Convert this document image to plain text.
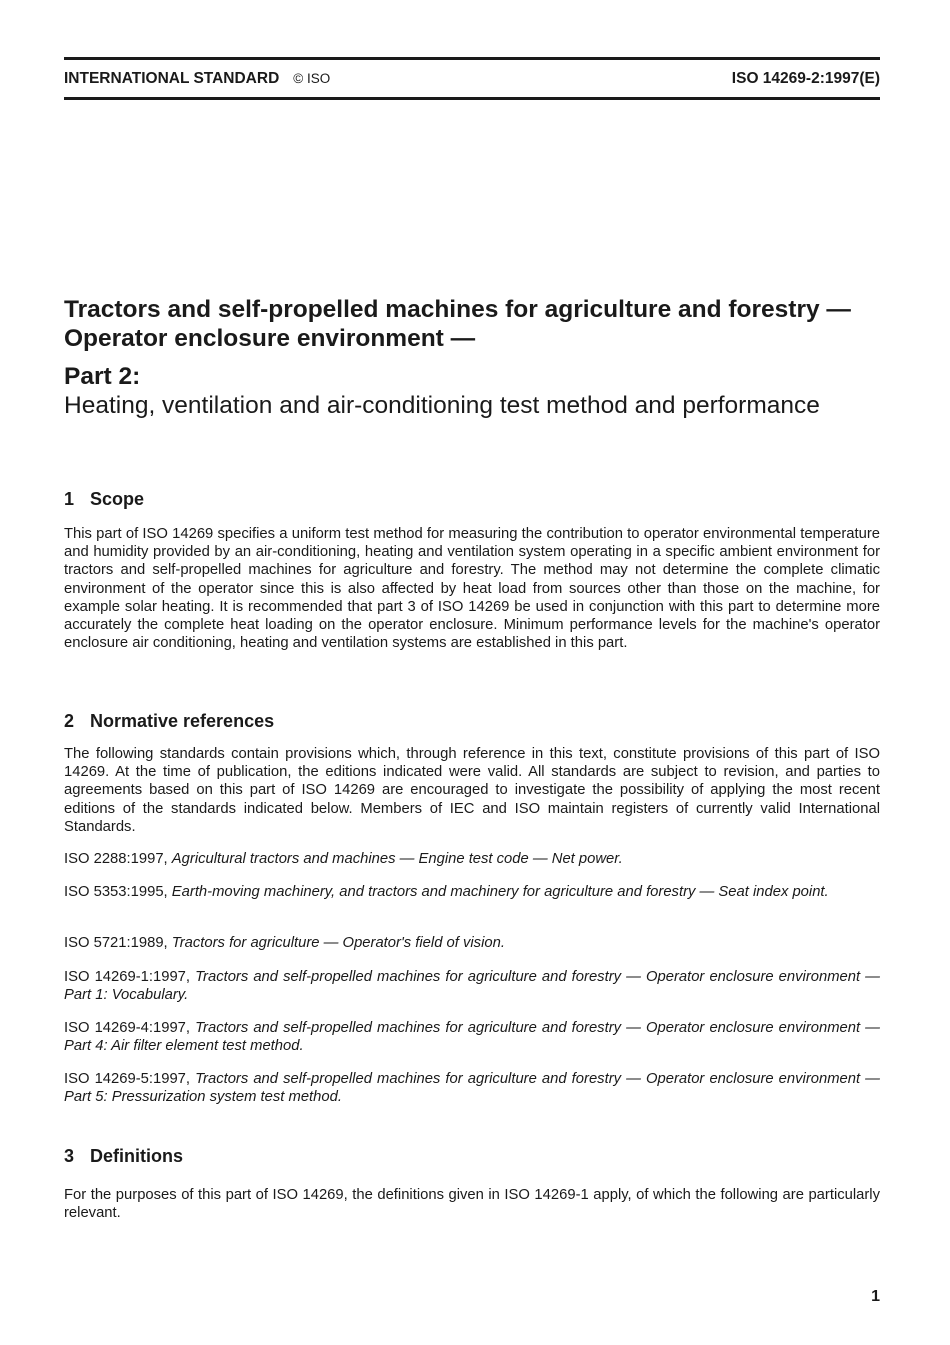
INTERNATIONAL STANDARD © ISO	ISO 14269-2:1997(E)
Tractors and self-propelled machines for agriculture and forestry — Operator enclosure environment —
Part 2:
Heating, ventilation and air-conditioning test method and performance
1 Scope

This part of ISO 14269 specifies a uniform test method for measuring the contribution to operator environmental temperature and humidity provided by an air-conditioning, heating and ventilation system operating in a specific ambient environment for tractors and self-propelled machines for agriculture and forestry. The method may not determine the complete climatic environment of the operator since this is also affected by heat load from sources other than those on the machine, for example solar heating. It is recommended that part 3 of ISO 14269 be used in conjunction with this part to determine more accurately the complete heat loading on the operator enclosure. Minimum performance levels for the machine's operator enclosure air conditioning, heating and ventilation systems are established in this part.

2 Normative references

The following standards contain provisions which, through reference in this text, constitute provisions of this part of ISO 14269. At the time of publication, the editions indicated were valid. All standards are subject to revision, and parties to agreements based on this part of ISO 14269 are encouraged to investigate the possibility of applying the most recent editions of the standards indicated below. Members of IEC and ISO maintain registers of currently valid International Standards.

ISO 2288:1997, Agricultural tractors and machines — Engine test code — Net power.

ISO 5353:1995, Earth-moving machinery, and tractors and machinery for agriculture and forestry — Seat index point.

ISO 5721:1989, Tractors for agriculture — Operator's field of vision.

ISO 14269-1:1997, Tractors and self-propelled machines for agriculture and forestry — Operator enclosure environment — Part 1: Vocabulary.

ISO 14269-4:1997, Tractors and self-propelled machines for agriculture and forestry — Operator enclosure environment — Part 4: Air filter element test method.

ISO 14269-5:1997, Tractors and self-propelled machines for agriculture and forestry — Operator enclosure environment — Part 5: Pressurization system test method.

3 Definitions

For the purposes of this part of ISO 14269, the definitions given in ISO 14269-1 apply, of which the following are particularly relevant.

1
